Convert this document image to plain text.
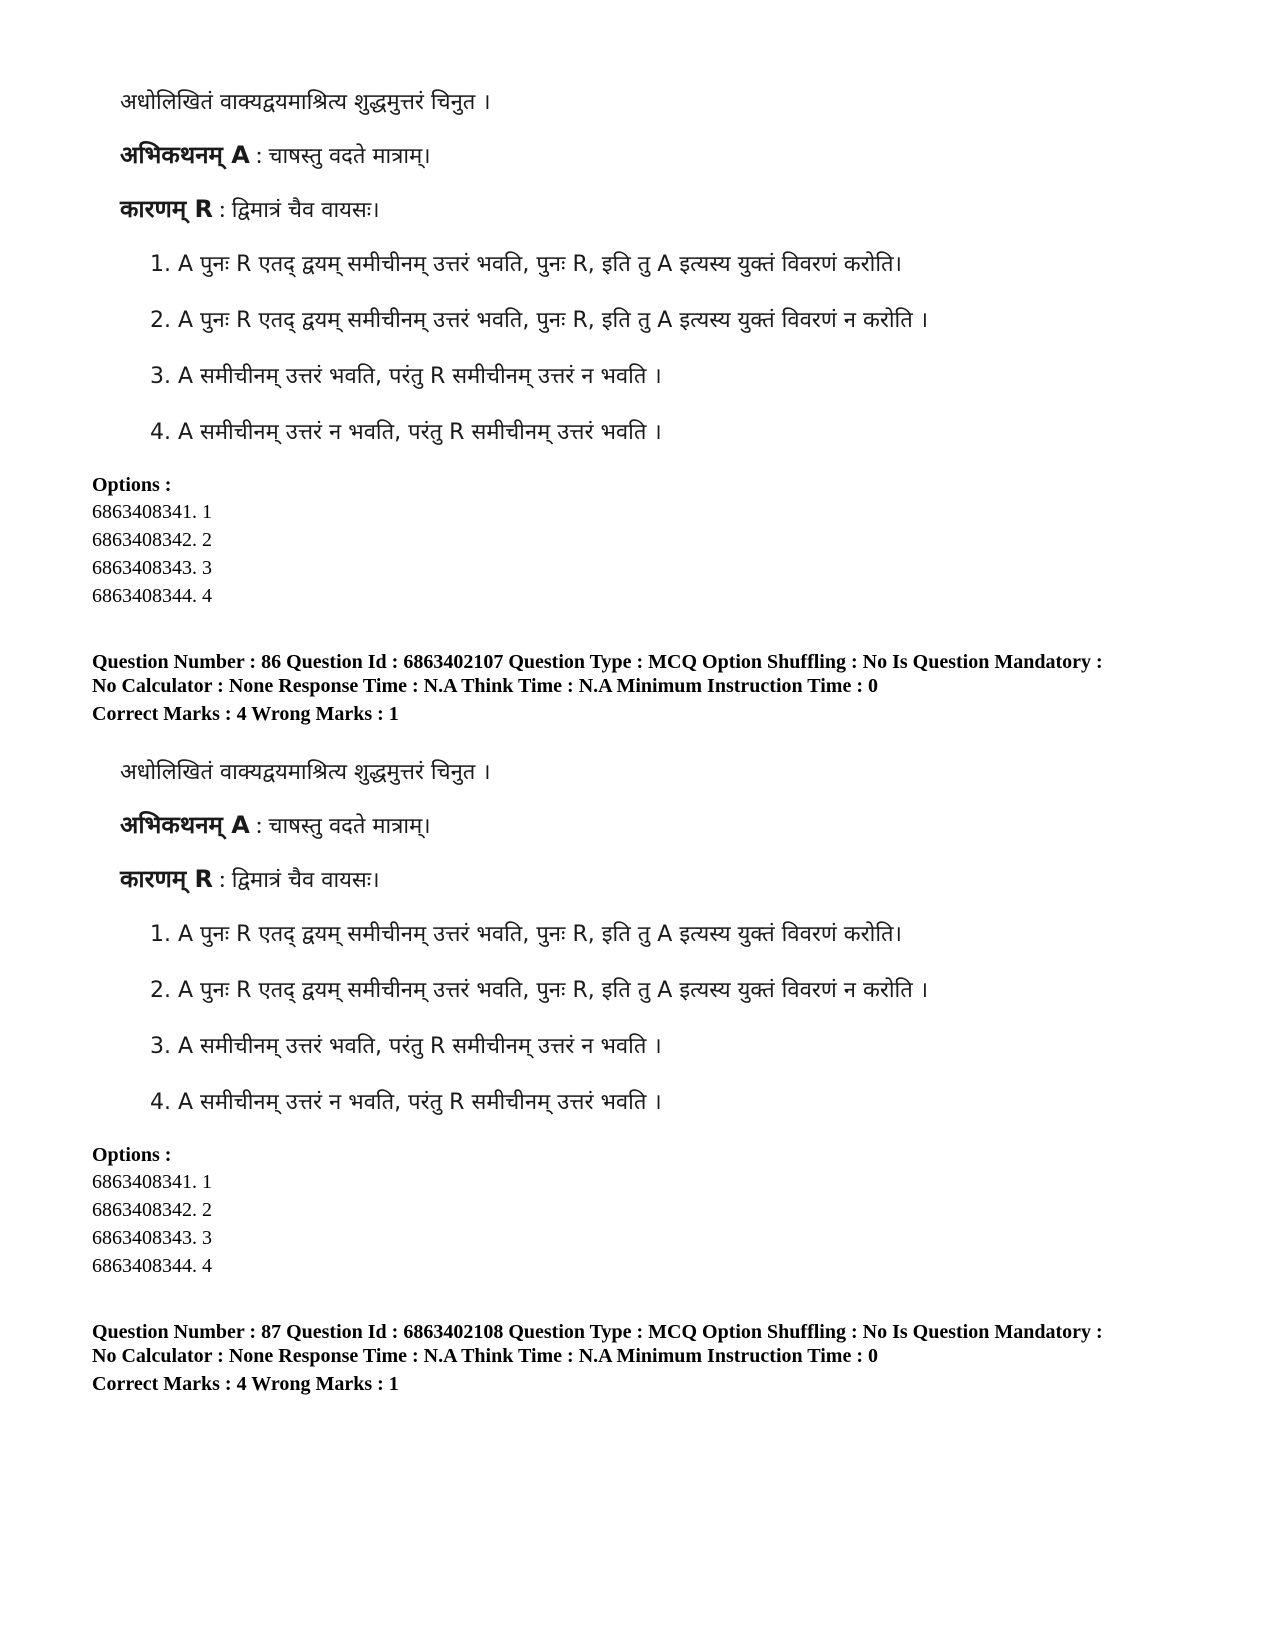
अधोलिखितं वाक्यद्वयमाश्रित्य शुद्धमुत्तरं चिनुत ।
अभिकथनम् A : चाषस्तु वदते मात्राम्।
कारणम् R : द्विमात्रं चैव वायसः।
1. A पुनः R एतद् द्वयम् समीचीनम् उत्तरं भवति, पुनः R, इति तु A इत्यस्य युक्तं विवरणं करोति।
2. A पुनः R एतद् द्वयम् समीचीनम् उत्तरं भवति, पुनः R, इति तु A इत्यस्य युक्तं विवरणं न करोति ।
3. A समीचीनम् उत्तरं भवति, परंतु R समीचीनम् उत्तरं न भवति ।
4. A समीचीनम् उत्तरं न भवति, परंतु R समीचीनम् उत्तरं भवति ।
Options :
6863408341. 1
6863408342. 2
6863408343. 3
6863408344. 4
Question Number : 86 Question Id : 6863402107 Question Type : MCQ Option Shuffling : No Is Question Mandatory :
No Calculator : None Response Time : N.A Think Time : N.A Minimum Instruction Time : 0
Correct Marks : 4 Wrong Marks : 1
अधोलिखितं वाक्यद्वयमाश्रित्य शुद्धमुत्तरं चिनुत ।
अभिकथनम् A : चाषस्तु वदते मात्राम्।
कारणम् R : द्विमात्रं चैव वायसः।
1. A पुनः R एतद् द्वयम् समीचीनम् उत्तरं भवति, पुनः R, इति तु A इत्यस्य युक्तं विवरणं करोति।
2. A पुनः R एतद् द्वयम् समीचीनम् उत्तरं भवति, पुनः R, इति तु A इत्यस्य युक्तं विवरणं न करोति ।
3. A समीचीनम् उत्तरं भवति, परंतु R समीचीनम् उत्तरं न भवति ।
4. A समीचीनम् उत्तरं न भवति, परंतु R समीचीनम् उत्तरं भवति ।
Options :
6863408341. 1
6863408342. 2
6863408343. 3
6863408344. 4
Question Number : 87 Question Id : 6863402108 Question Type : MCQ Option Shuffling : No Is Question Mandatory :
No Calculator : None Response Time : N.A Think Time : N.A Minimum Instruction Time : 0
Correct Marks : 4 Wrong Marks : 1
